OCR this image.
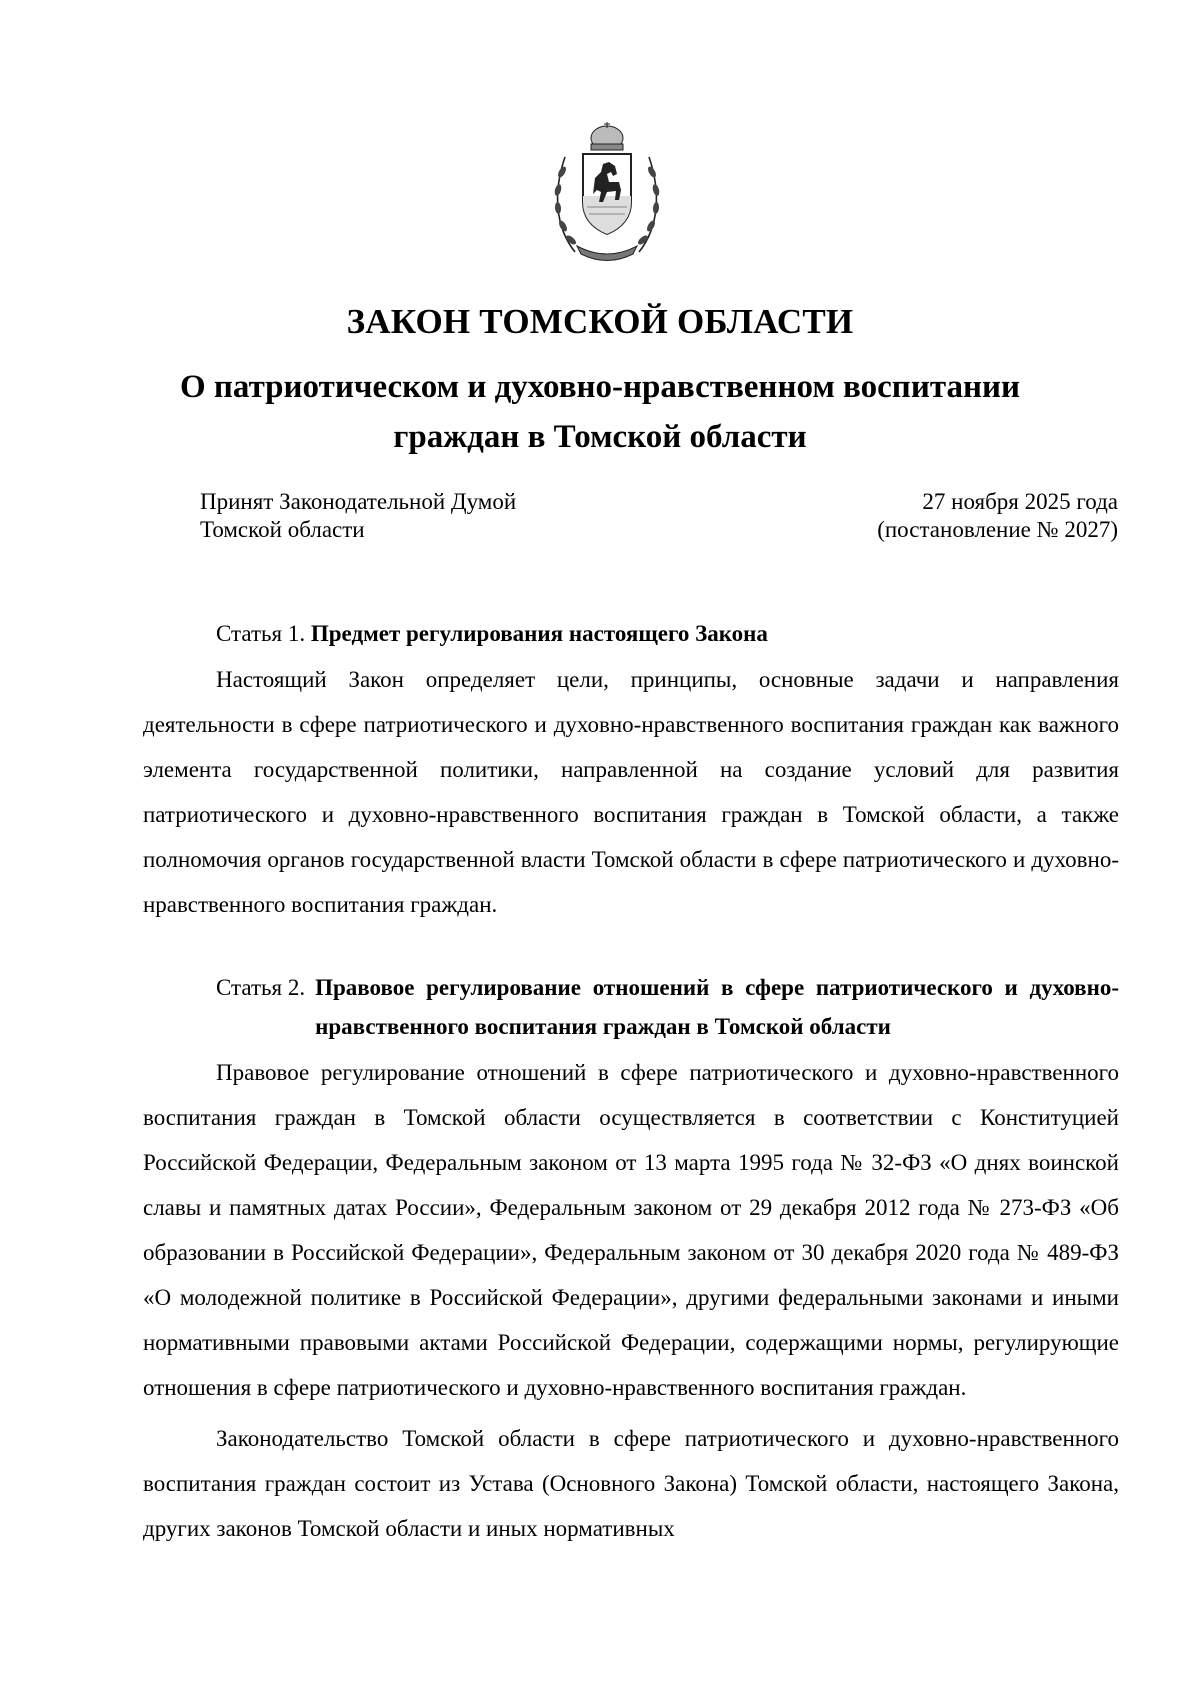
ЗАКОН ТОМСКОЙ ОБЛАСТИ
О патриотическом и духовно-нравственном воспитании
граждан в Томской области
Принят Законодательной Думой
Томской области
27 ноября 2025 года
(постановление № 2027)
Статья 1.
Предмет регулирования настоящего Закона

Настоящий Закон определяет цели, принципы, основные задачи и направления деятельности в сфере патриотического и духовно-нравственного воспитания граждан как важного элемента государственной политики, направленной на создание условий для развития патриотического и духовно-нравственного воспитания граждан в Томской области, а также полномочия органов государственной власти Томской области в сфере патриотического и духовно-нравственного воспитания граждан.

Статья 2. Правовое регулирование отношений в сфере патриотического и духовно-нравственного воспитания граждан в Томской области

Правовое регулирование отношений в сфере патриотического и духовно-нравственного воспитания граждан в Томской области осуществляется в соответствии с Конституцией Российской Федерации, Федеральным законом от 13 марта 1995 года № 32-ФЗ «О днях воинской славы и памятных датах России», Федеральным законом от 29 декабря 2012 года № 273-ФЗ «Об образовании в Российской Федерации», Федеральным законом от 30 декабря 2020 года № 489-ФЗ «О молодежной политике в Российской Федерации», другими федеральными законами и иными нормативными правовыми актами Российской Федерации, содержащими нормы, регулирующие отношения в сфере патриотического и духовно-нравственного воспитания граждан.

Законодательство Томской области в сфере патриотического и духовно-нравственного воспитания граждан состоит из Устава (Основного Закона) Томской области, настоящего Закона, других законов Томской области и иных нормативных
